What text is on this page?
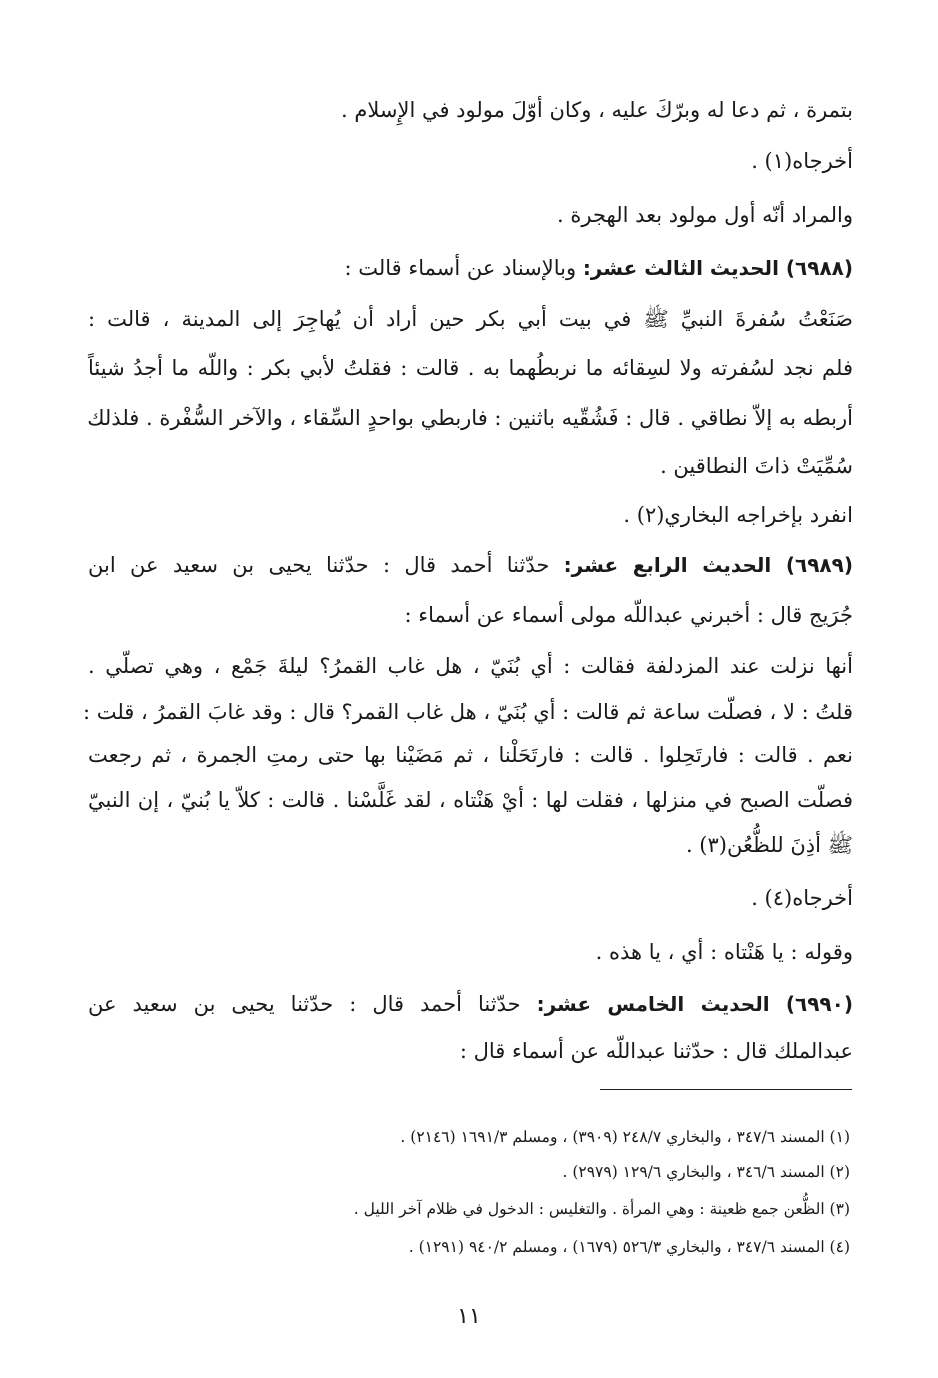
بتمرة ، ثم دعا له وبرّكَ عليه ، وكان أوّلَ مولود في الإِسلام .
أخرجاه(١) .
والمراد أنّه أول مولود بعد الهجرة .
(٦٩٨٨) الحديث الثالث عشر: وبالإسناد عن أسماء قالت :
صَنَعْتُ سُفرةَ النبيِّ ﷺ في بيت أبي بكر حين أراد أن يُهاجِرَ إلى المدينة ، قالت :
فلم نجد لسُفرته ولا لسِقائه ما نربطُهما به . قالت : فقلتُ لأبي بكر : واللّه ما أجدُ شيئاً
أربطه به إلاّ نطاقي . قال : فَشُقّيه باثنين : فاربطي بواحدٍ السِّقاء ، والآخر السُّفْرة . فلذلك
سُمِّيَتْ ذاتَ النطاقين .
انفرد بإخراجه البخاري(٢) .
(٦٩٨٩) الحديث الرابع عشر: حدّثنا أحمد قال : حدّثنا يحيى بن سعيد عن ابن
جُرَيج قال : أخبرني عبداللّه مولى أسماء عن أسماء :
أنها نزلت عند المزدلفة فقالت : أي بُنَيّ ، هل غاب القمرُ؟ ليلةَ جَمْع ، وهي تصلّي .
قلتُ : لا ، فصلّت ساعة ثم قالت : أي بُنَيّ ، هل غاب القمر؟ قال : وقد غابَ القمرُ ، قلت :
نعم . قالت : فارتَحِلوا . قالت : فارتَحَلْنا ، ثم مَضَيْنا بها حتى رمتِ الجمرة ، ثم رجعت
فصلّت الصبح في منزلها ، فقلت لها : أيْ هَنْتاه ، لقد غَلَّسْنا . قالت : كلاّ يا بُنيّ ، إن النبيّ
ﷺ أذِنَ للظُّعُن(٣) .
أخرجاه(٤) .
وقوله : يا هَنْتاه : أي ، يا هذه .
(٦٩٩٠) الحديث الخامس عشر: حدّثنا أحمد قال : حدّثنا يحيى بن سعيد عن
عبدالملك قال : حدّثنا عبداللّه عن أسماء قال :
(١) المسند ٣٤٧/٦ ، والبخاري ٢٤٨/٧ (٣٩٠٩) ، ومسلم ١٦٩١/٣ (٢١٤٦) .
(٢) المسند ٣٤٦/٦ ، والبخاري ١٢٩/٦ (٢٩٧٩) .
(٣) الظُّعن جمع ظعينة : وهي المرأة . والتغليس : الدخول في ظلام آخر الليل .
(٤) المسند ٣٤٧/٦ ، والبخاري ٥٢٦/٣ (١٦٧٩) ، ومسلم ٩٤٠/٢ (١٢٩١) .
١١
